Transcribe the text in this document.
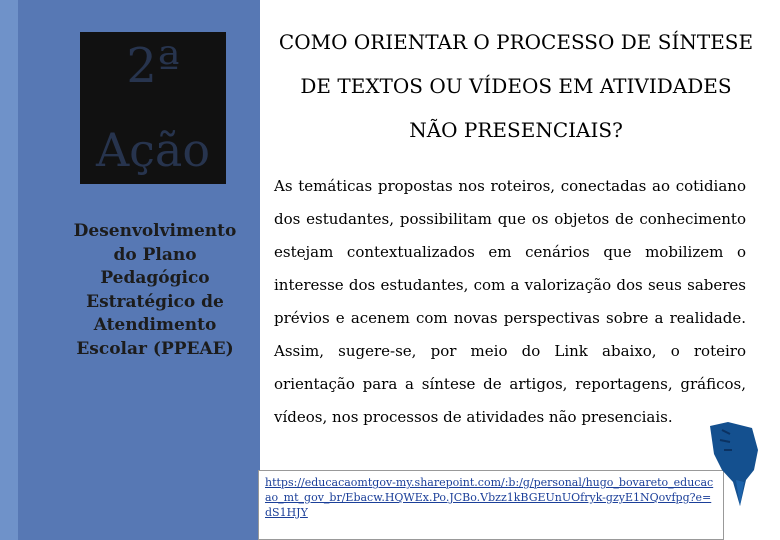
2ª
Ação
Desenvolvimento do Plano Pedagógico Estratégico de Atendimento Escolar (PPEAE)
COMO ORIENTAR O PROCESSO DE SÍNTESE DE TEXTOS OU VÍDEOS EM ATIVIDADES NÃO PRESENCIAIS?
As temáticas propostas nos roteiros, conectadas ao cotidiano dos estudantes, possibilitam que os objetos de conhecimento estejam contextualizados em cenários que mobilizem o interesse dos estudantes, com a valorização dos seus saberes prévios e acenem com novas perspectivas sobre a realidade. Assim, sugere-se, por meio do Link abaixo, o roteiro orientação para a síntese de artigos, reportagens, gráficos, vídeos, nos processos de atividades não presenciais.
https://educacaomtgov-my.sharepoint.com/:b:/g/personal/hugo_bovareto_educacao_mt_gov_br/Ebacw.HQWEx.Po.JCBo.Vbzz1kBGEUnUOfryk-gzyE1NQovfpg?e=dS1HJY
